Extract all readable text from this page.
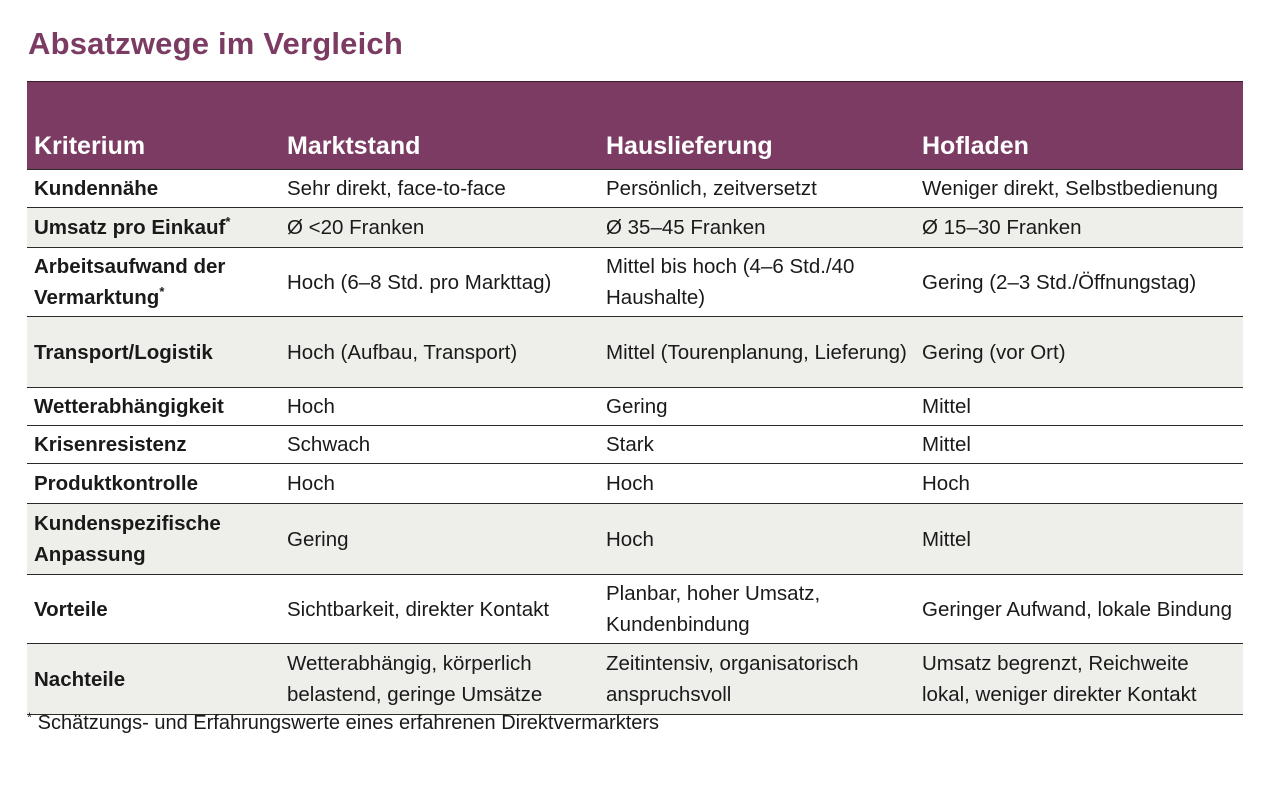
Absatzwege im Vergleich
Kriterium	Marktstand	Hauslieferung	Hofladen
Kundennähe	Sehr direkt, face-to-face	Persönlich, zeitversetzt	Weniger direkt, Selbstbedienung
Umsatz pro Einkauf*	Ø <20 Franken	Ø 35–45 Franken	Ø 15–30 Franken
Arbeitsaufwand der Vermarktung*	Hoch (6–8 Std. pro Markttag)	Mittel bis hoch (4–6 Std./40 Haushalte)	Gering (2–3 Std./Öffnungstag)
Transport/Logistik	Hoch (Aufbau, Transport)	Mittel (Tourenplanung, Lieferung)	Gering (vor Ort)
Wetterabhängigkeit	Hoch	Gering	Mittel
Krisenresistenz	Schwach	Stark	Mittel
Produktkontrolle	Hoch	Hoch	Hoch
Kundenspezifische Anpassung	Gering	Hoch	Mittel
Vorteile	Sichtbarkeit, direkter Kontakt	Planbar, hoher Umsatz, Kundenbindung	Geringer Aufwand, lokale Bindung
Nachteile	Wetterabhängig, körperlich belastend, geringe Umsätze	Zeitintensiv, organisatorisch anspruchsvoll	Umsatz begrenzt, Reichweite lokal, weniger direkter Kontakt
* Schätzungs- und Erfahrungswerte eines erfahrenen Direktvermarkters
